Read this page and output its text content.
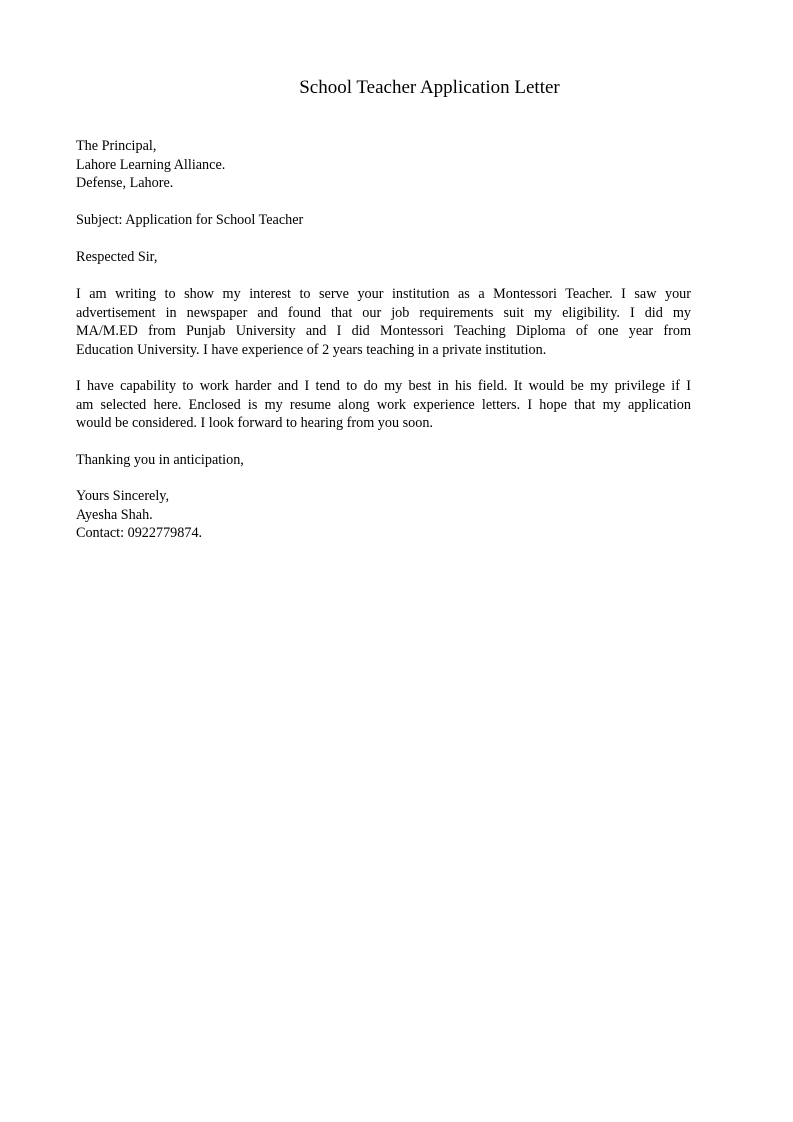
School Teacher Application Letter
The Principal,
Lahore Learning Alliance.
Defense, Lahore.
Subject: Application for School Teacher
Respected Sir,
I am writing to show my interest to serve your institution as a Montessori Teacher. I saw your
advertisement in newspaper and found that our job requirements suit my eligibility. I did my
MA/M.ED from Punjab University and I did Montessori Teaching Diploma of one year from
Education University. I have experience of 2 years teaching in a private institution.
I have capability to work harder and I tend to do my best in his field. It would be my privilege if I
am selected here. Enclosed is my resume along work experience letters. I hope that my application
would be considered. I look forward to hearing from you soon.
Thanking you in anticipation,
Yours Sincerely,
Ayesha Shah.
Contact: 0922779874.
